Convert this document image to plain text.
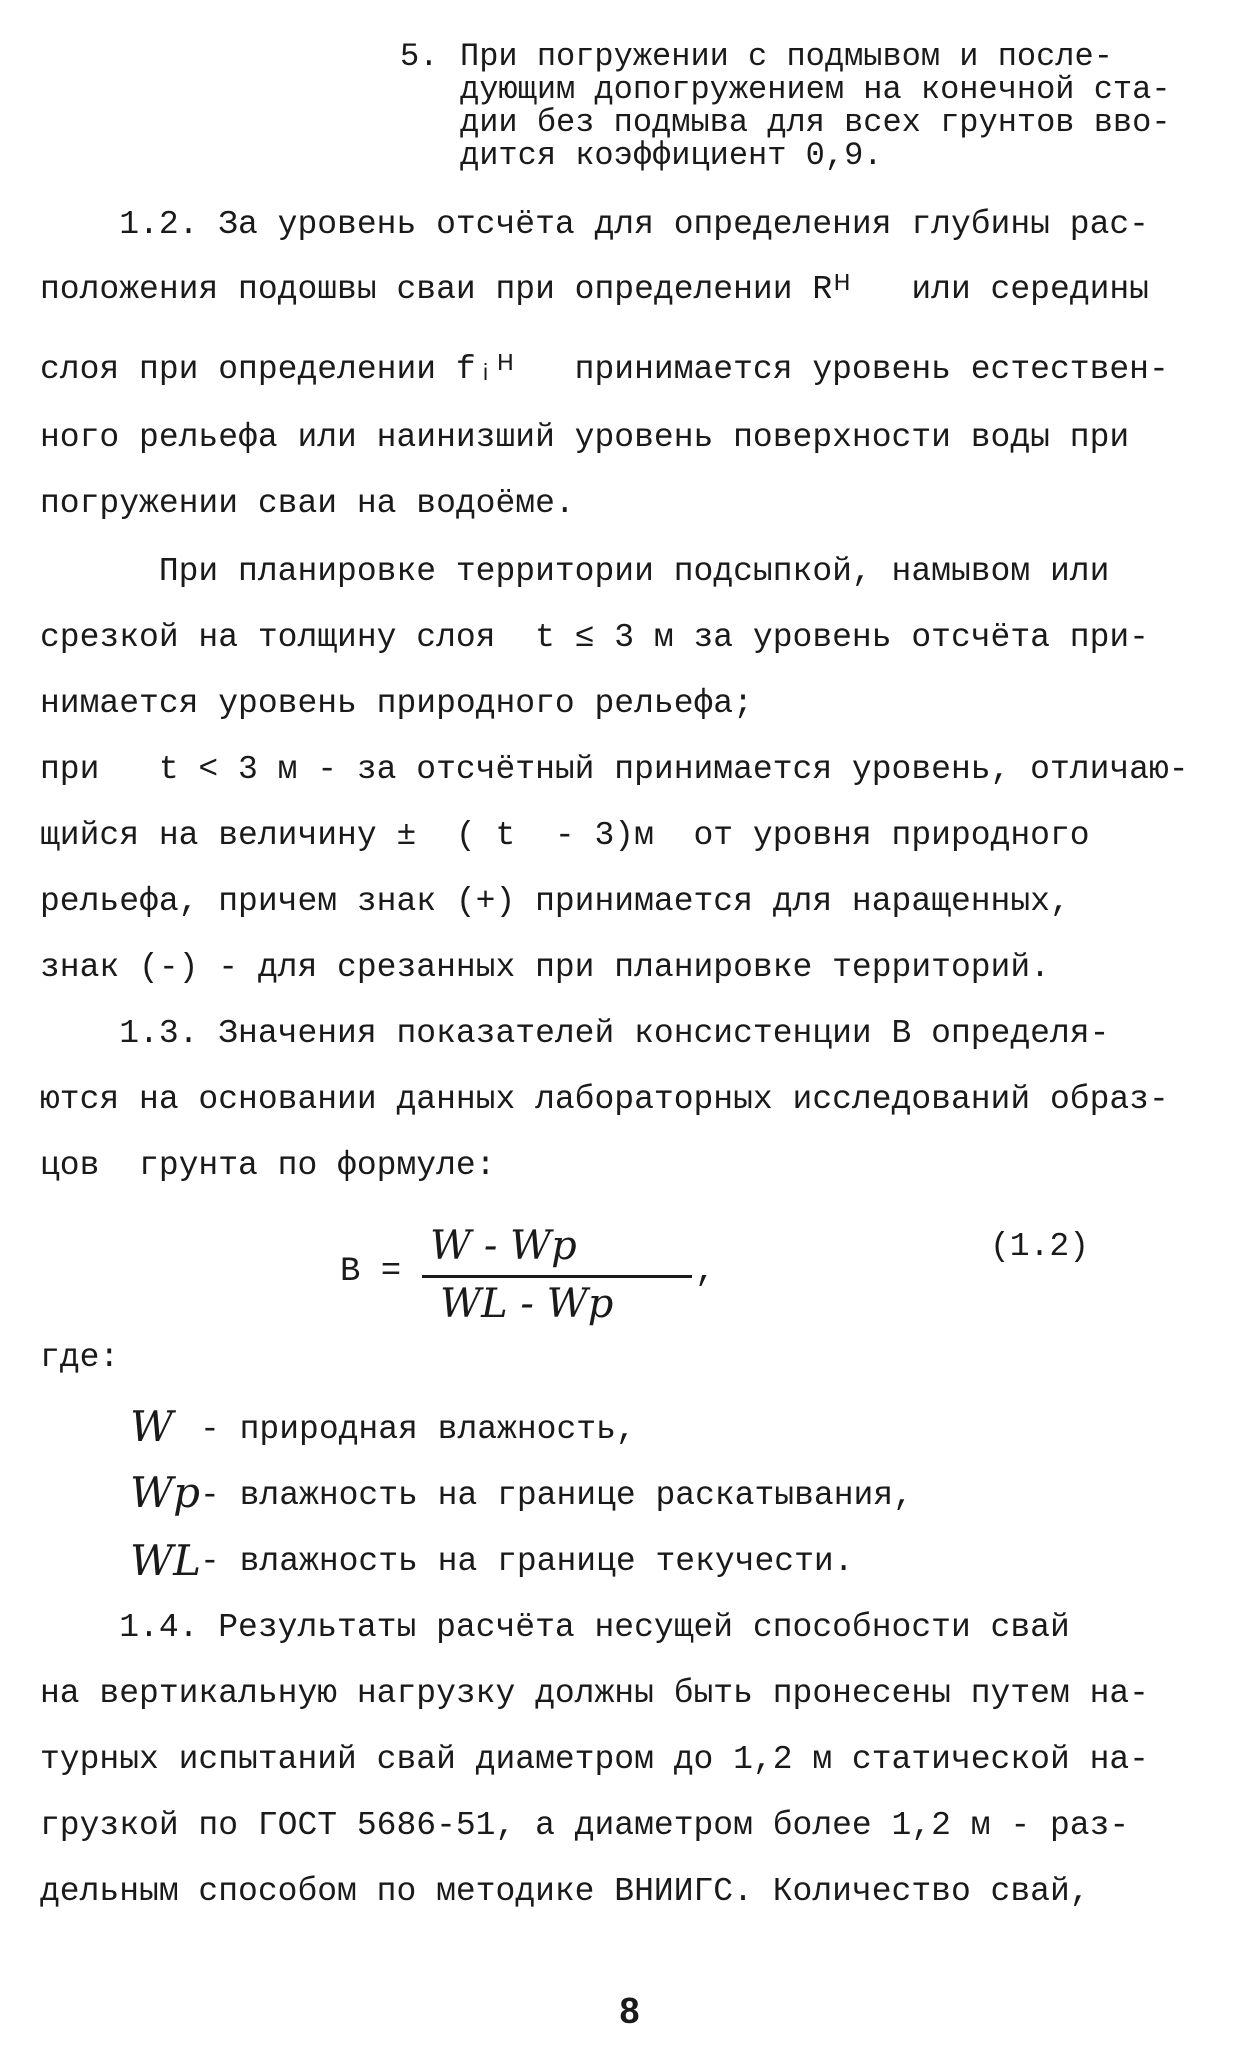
5. При погружении с подмывом и после-
дующим допогружением на конечной ста-
дии без подмыва для всех грунтов вво-
дится коэффициент 0,9.
1.2. За уровень отсчёта для определения глубины рас-
положения подошвы сваи при определении Rᴴ   или середины
слоя при определении fᵢᴴ   принимается уровень естествен-
ного рельефа или наинизший уровень поверхности воды при
погружении сваи на водоёме.
При планировке территории подсыпкой, намывом или
срезкой на толщину слоя  t ≤ 3 м за уровень отсчёта при-
нимается уровень природного рельефа;
при   t < 3 м - за отсчётный принимается уровень, отличаю-
щийся на величину ±  ( t  - 3)м  от уровня природного
рельефа, причем знак (+) принимается для наращенных,
знак (-) - для срезанных при планировке территорий.
1.3. Значения показателей консистенции В определя-
ются на основании данных лабораторных исследований образ-
цов  грунта по формуле:
В =
W - Wp
WL - Wp
,
(1.2)
где:
W - природная влажность,
Wp - влажность на границе раскатывания,
WL
- влажность на границе текучести.
1.4. Результаты расчёта несущей способности свай
на вертикальную нагрузку должны быть пронесены путем на-
турных испытаний свай диаметром до 1,2 м статической на-
грузкой по ГОСТ 5686-51, а диаметром более 1,2 м - раз-
дельным способом по методике ВНИИГС. Количество свай,
8
